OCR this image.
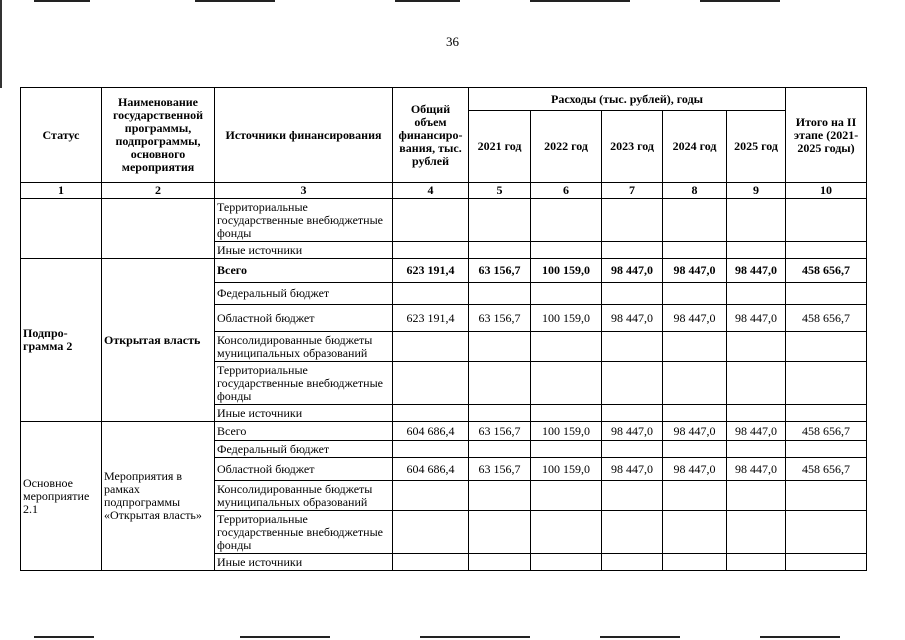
36
Статус	Наименование государственной программы, подпрограммы, основного мероприятия	Источники финансирования	Общий объем финансиро-вания, тыс. рублей	Расходы (тыс. рублей), годы					Итого на II этапе (2021-2025 годы)
				2021 год	2022 год	2023 год	2024 год	2025 год	
1	2	3	4	5	6	7	8	9	10
		Территориальные государственные внебюджетные фонды							
		Иные источники							
Подпро-грамма 2	Открытая власть	Всего	623 191,4	63 156,7	100 159,0	98 447,0	98 447,0	98 447,0	458 656,7
		Федеральный бюджет							
		Областной бюджет	623 191,4	63 156,7	100 159,0	98 447,0	98 447,0	98 447,0	458 656,7
		Консолидированные бюджеты муниципальных образований							
		Территориальные государственные внебюджетные фонды							
		Иные источники							
Основное мероприятие 2.1	Мероприятия в рамках подпрограммы «Открытая власть»	Всего	604 686,4	63 156,7	100 159,0	98 447,0	98 447,0	98 447,0	458 656,7
		Федеральный бюджет							
		Областной бюджет	604 686,4	63 156,7	100 159,0	98 447,0	98 447,0	98 447,0	458 656,7
		Консолидированные бюджеты муниципальных образований							
		Территориальные государственные внебюджетные фонды							
		Иные источники							
